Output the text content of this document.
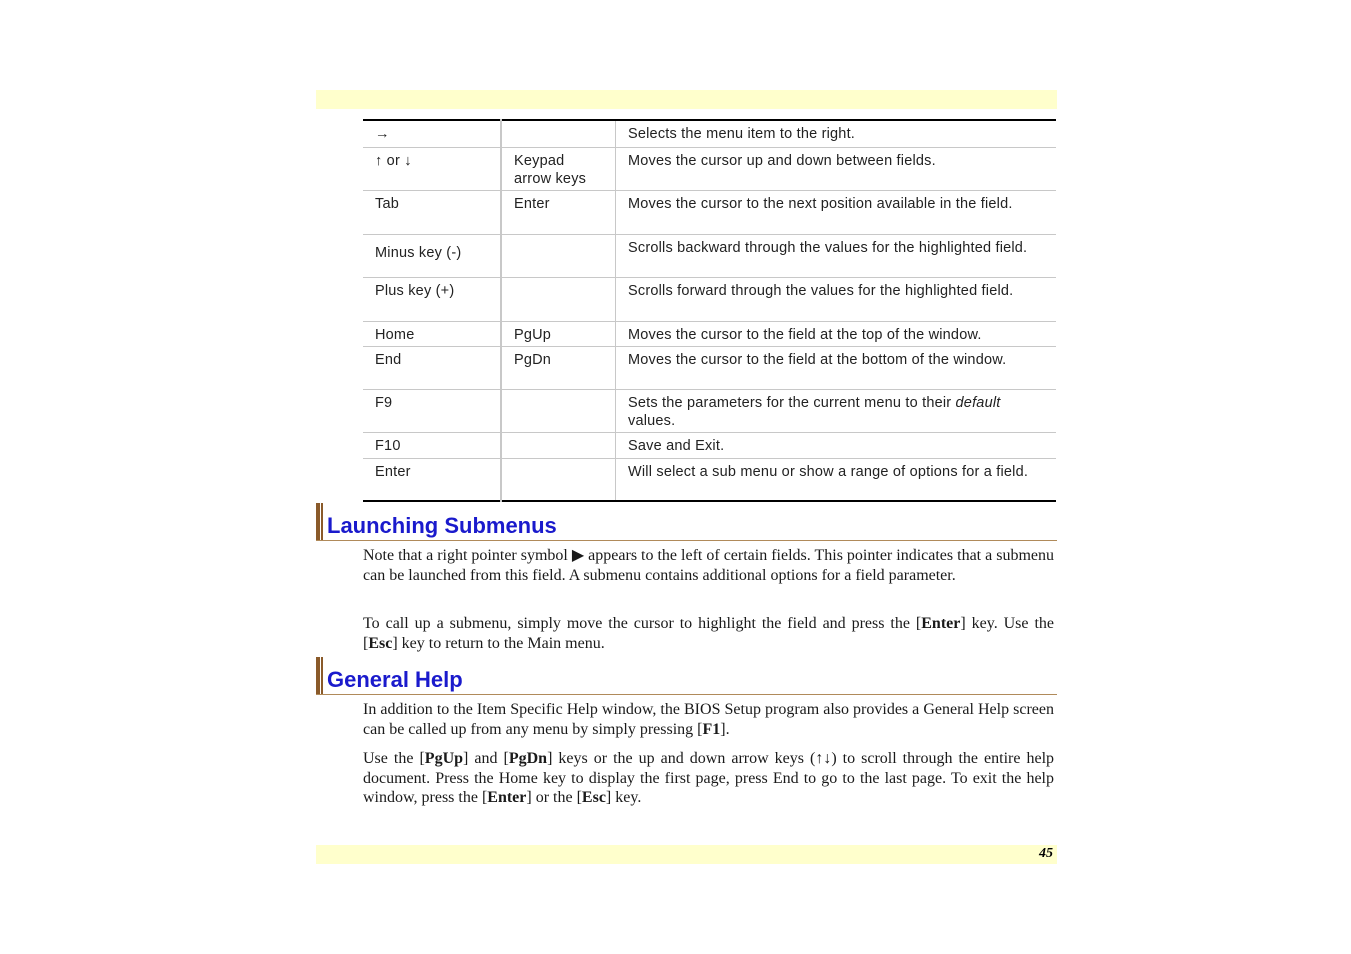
→		Selects the menu item to the right.
↑ or ↓	Keypad arrow keys	Moves the cursor up and down between fields.
Tab	Enter	Moves the cursor to the next position available in the field.
Minus key (-)		Scrolls backward through the values for the highlighted field.
Plus key (+)		Scrolls forward through the values for the highlighted field.
Home	PgUp	Moves the cursor to the field at the top of the window.
End	PgDn	Moves the cursor to the field at the bottom of the window.
F9		Sets the parameters for the current menu to their default values.
F10		Save and Exit.
Enter		Will select a sub menu or show a range of options for a field.
Launching Submenus
Note that a right pointer symbol ▶ appears to the left of certain fields. This pointer indicates that a submenu can be launched from this field. A submenu contains additional options for a field parameter.
To call up a submenu, simply move the cursor to highlight the field and press the [Enter] key. Use the [Esc] key to return to the Main menu.
General Help
In addition to the Item Specific Help window, the BIOS Setup program also provides a General Help screen can be called up from any menu by simply pressing [F1].
Use the [PgUp] and [PgDn] keys or the up and down arrow keys (↑↓) to scroll through the entire help document. Press the Home key to display the first page, press End to go to the last page. To exit the help window, press the [Enter] or the [Esc] key.
45
